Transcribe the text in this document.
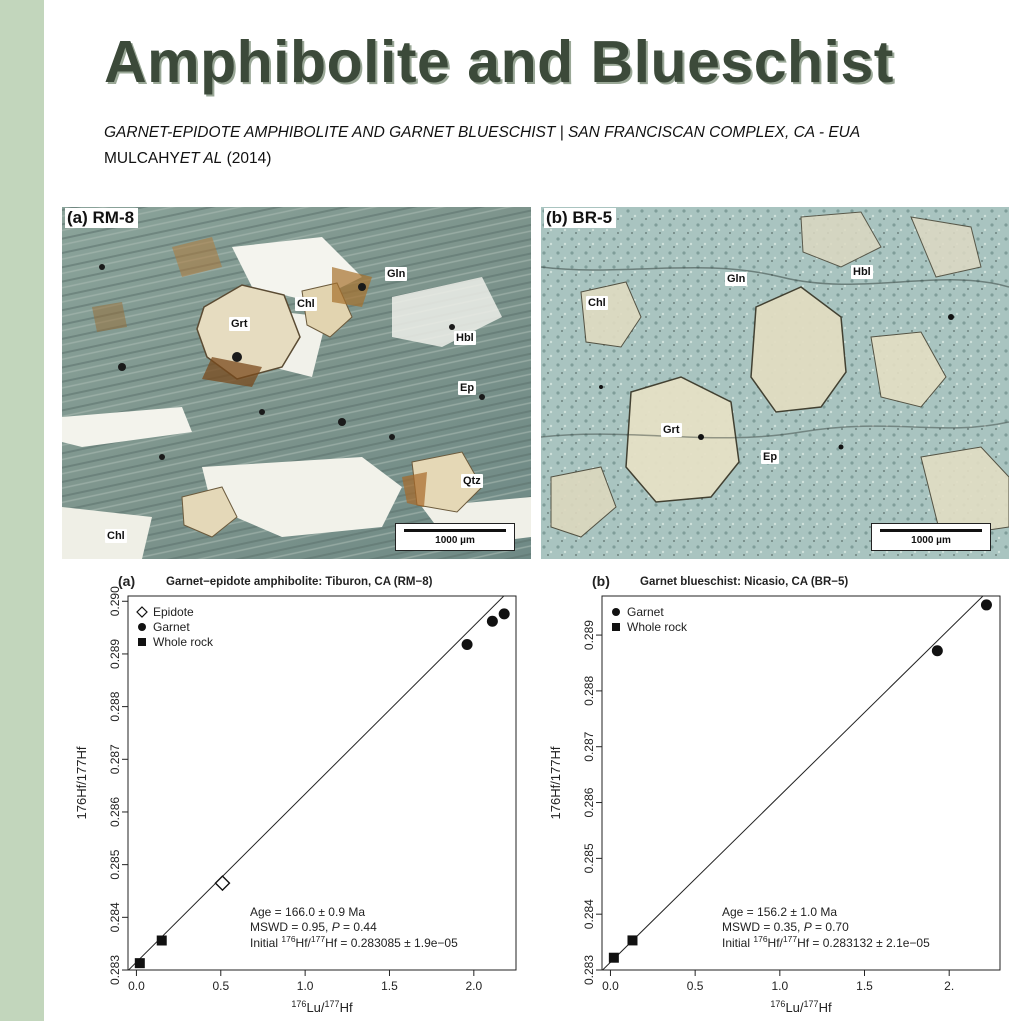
Amphibolite and Blueschist
GARNET-EPIDOTE AMPHIBOLITE AND GARNET BLUESCHIST | SAN FRANCISCAN COMPLEX, CA - EUA
MULCAHYET AL (2014)
(a) RM-8
Gln
Chl
Grt
Hbl
Ep
Qtz
Chl	1000 µm
(b) BR-5
Chl
Gln
Hbl
Grt
Ep
1000 µm
(a)	Garnet−epidote amphibolite: Tiburon, CA (RM−8)
0.0	0.5	1.0	1.5	2.0
0.283
0.284
0.285
0.286
0.287
0.288
0.289
0.290
$^{176}$Lu/$^{177}$Hf
176Hf/177Hf
Epidote
Garnet
Whole rock
Age = 166.0 ± 0.9 Ma
MSWD = 0.95, P = 0.44
Initial $^{176}$Hf/$^{177}$Hf = 0.283085 ± 1.9e−05
(b)	Garnet blueschist: Nicasio, CA (BR−5)
0.0	0.5	1.0	1.5	2.
0.283
0.284
0.285
0.286
0.287
0.288
0.289
$^{176}$Lu/$^{177}$Hf
176Hf/177Hf
Garnet
Whole rock
Age = 156.2 ± 1.0 Ma
MSWD = 0.35, P = 0.70
Initial $^{176}$Hf/$^{177}$Hf = 0.283132 ± 2.1e−05
